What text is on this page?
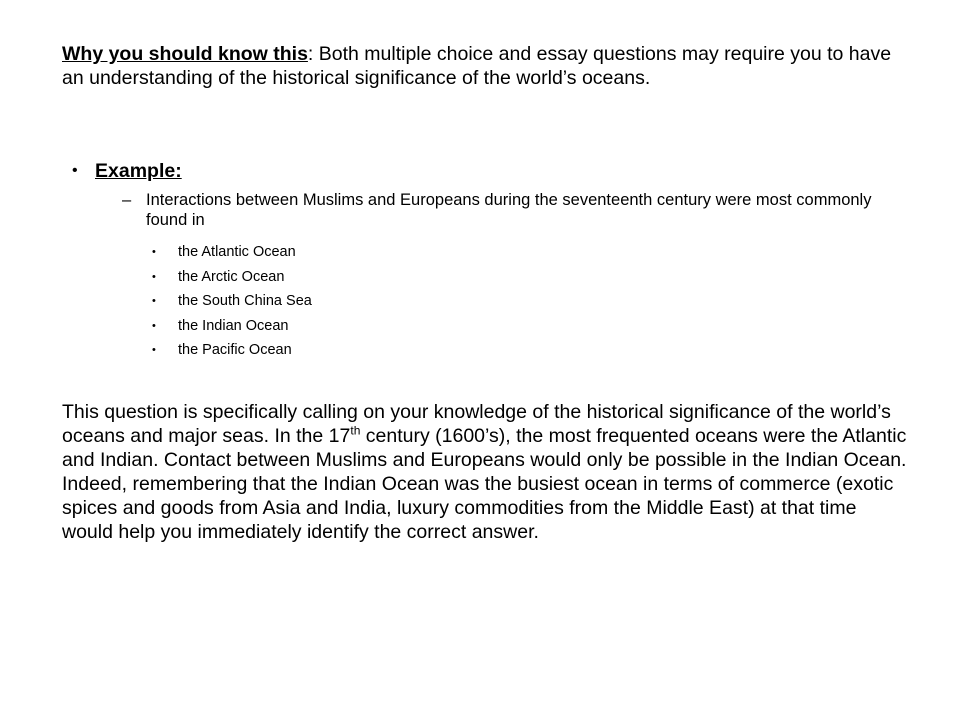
Why you should know this: Both multiple choice and essay questions may require you to have an understanding of the historical significance of the world’s oceans.

• Example:
– Interactions between Muslims and Europeans during the seventeenth century were most commonly found in
•	the Atlantic Ocean
•	the Arctic Ocean
•	the South China Sea
•	the Indian Ocean
•	the Pacific Ocean

This question is specifically calling on your knowledge of the historical significance of the world’s oceans and major seas. In the 17th century (1600’s), the most frequented oceans were the Atlantic and Indian. Contact between Muslims and Europeans would only be possible in the Indian Ocean. Indeed, remembering that the Indian Ocean was the busiest ocean in terms of commerce (exotic spices and goods from Asia and India, luxury commodities from the Middle East) at that time would help you immediately identify the correct answer.
